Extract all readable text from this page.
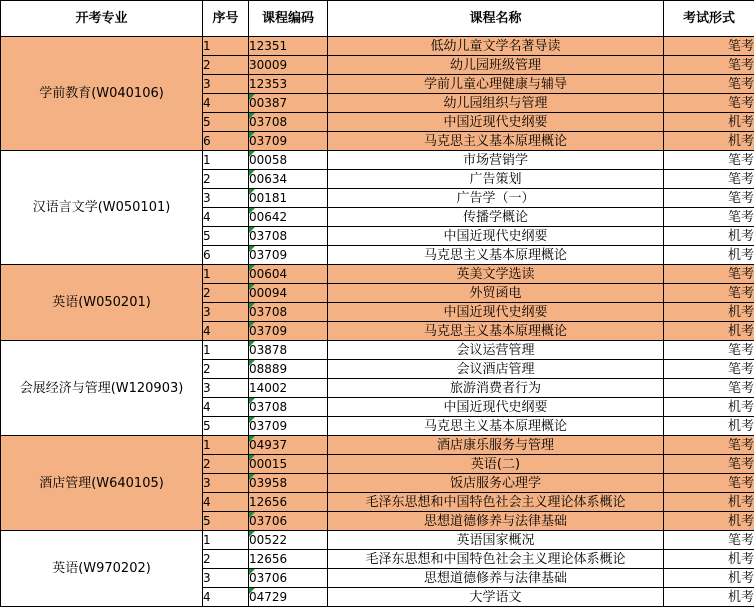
开考专业	序号	课程编码	课程名称	考试形式
学前教育(W040106)	1	12351	低幼儿童文学名著导读	笔考
	2	30009	幼儿园班级管理	笔考
	3	12353	学前儿童心理健康与辅导	笔考
	4	00387	幼儿园组织与管理	笔考
	5	03708	中国近现代史纲要	机考
	6	03709	马克思主义基本原理概论	机考
汉语言文学(W050101)	1	00058	市场营销学	笔考
	2	00634	广告策划	笔考
	3	00181	广告学（一）	笔考
	4	00642	传播学概论	笔考
	5	03708	中国近现代史纲要	机考
	6	03709	马克思主义基本原理概论	机考
英语(W050201)	1	00604	英美文学选读	笔考
	2	00094	外贸函电	笔考
	3	03708	中国近现代史纲要	机考
	4	03709	马克思主义基本原理概论	机考
会展经济与管理(W120903)	1	03878	会议运营管理	笔考
	2	08889	会议酒店管理	笔考
	3	14002	旅游消费者行为	笔考
	4	03708	中国近现代史纲要	机考
	5	03709	马克思主义基本原理概论	机考
酒店管理(W640105)	1	04937	酒店康乐服务与管理	笔考
	2	00015	英语(二)	笔考
	3	03958	饭店服务心理学	笔考
	4	12656	毛泽东思想和中国特色社会主义理论体系概论	机考
	5	03706	思想道德修养与法律基础	机考
英语(W970202)	1	00522	英语国家概况	笔考
	2	12656	毛泽东思想和中国特色社会主义理论体系概论	机考
	3	03706	思想道德修养与法律基础	机考
	4	04729	大学语文	机考
